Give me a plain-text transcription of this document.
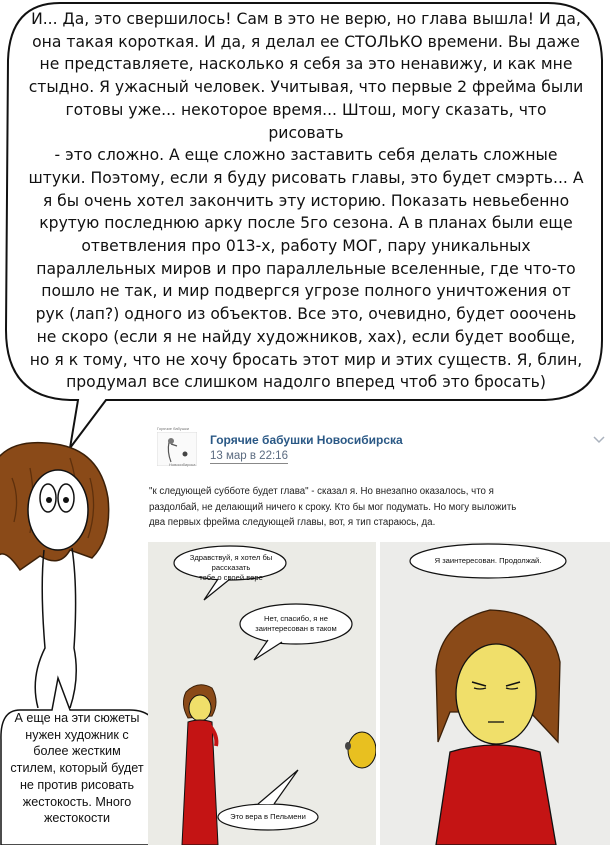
И... Да, это свершилось! Сам в это не верю, но глава вышла! И да,
она такая короткая. И да, я делал ее СТОЛЬКО времени. Вы даже
не представляете, насколько я себя за это ненавижу, и как мне
стыдно. Я ужасный человек. Учитывая, что первые 2 фрейма были
готовы уже... некоторое время... Штош, могу сказать, что рисовать
- это сложно. А еще сложно заставить себя делать сложные
штуки. Поэтому, если я буду рисовать главы, это будет смэрть... А
я бы очень хотел закончить эту историю. Показать невьебенно
крутую последнюю арку после 5го сезона. А в планах были еще
ответвления про 013-х, работу МОГ, пару уникальных
параллельных миров и про параллельные вселенные, где что-то
пошло не так, и мир подвергся угрозе полного уничтожения от
рук (лап?) одного из объектов. Все это, очевидно, будет ооочень
не скоро (если я не найду художников, хах), если будет вообще,
но я к тому, что не хочу бросать этот мир и этих существ. Я, блин,
продумал все слишком надолго вперед чтоб это бросать)
А еще на эти сюжеты
нужен художник с
более жестким
стилем, который будет
не против рисовать
жестокость. Много
жестокости
Горячие бабушки
Новосибирска
Горячие бабушки Новосибирска
13 мар в 22:16
"к следующей субботе будет глава" - сказал я. Но внезапно оказалось, что я
раздолбай, не делающий ничего к сроку. Кто бы мог подумать. Но могу выложить
два первых фрейма следующей главы, вот, я тип стараюсь, да.
Здравствуй, я хотел бы рассказать
тебе о своей вере
Нет, спасибо, я не
заинтересован в таком
Это вера в Пельмени
Я заинтересован. Продолжай.
